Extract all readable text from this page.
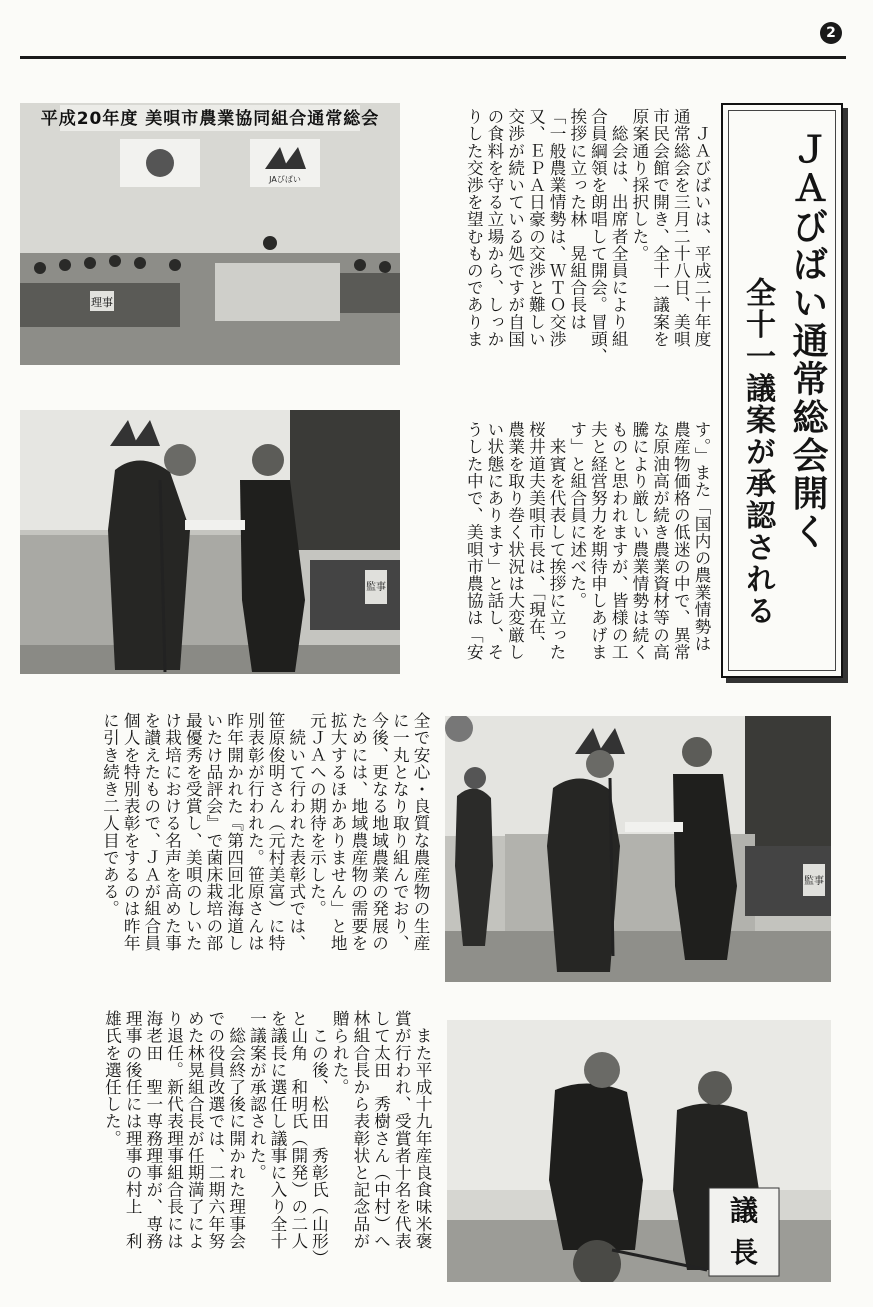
2
ＪＡびばい通常総会開く
全十一議案が承認される
　ＪＡびばいは、平成二十年度
通常総会を三月二十八日、美唄
市民会館で開き、全十一議案を
原案通り採択した。
　総会は、出席者全員により組
合員綱領を朗唱して開会。冒頭、
挨拶に立った林　晃組合長は
「一般農業情勢は、ＷＴＯ交渉
又、ＥＰＡ日豪の交渉と難しい
交渉が続いている処ですが自国
の食料を守る立場から、しっか
りした交渉を望むものでありま
す。」また「国内の農業情勢は
農産物価格の低迷の中で、異常
な原油高が続き農業資材等の高
騰により厳しい農業情勢は続く
ものと思われますが、皆様の工
夫と経営努力を期待申しあげま
す」と組合員に述べた。
　来賓を代表して挨拶に立った
桜井道夫美唄市長は、「現在、
農業を取り巻く状況は大変厳し
い状態にあります」と話し、そ
うした中で、美唄市農協は「安
全で安心・良質な農産物の生産
に一丸となり取り組んでおり、
今後、更なる地域農業の発展の
ためには、地域農産物の需要を
拡大するほかありません」と地
元ＪＡへの期待を示した。
　続いて行われた表彰式では、
笹原俊明さん（元村美富）に特
別表彰が行われた。笹原さんは
昨年開かれた『第四回北海道し
いたけ品評会』で菌床栽培の部
最優秀を受賞し、美唄のしいた
け栽培における名声を高めた事
を讃えたもので、ＪＡが組合員
個人を特別表彰をするのは昨年
に引き続き二人目である。
　また平成十九年産良食味米褒
賞が行われ、受賞者十名を代表
して太田　秀樹さん（中村）へ
林組合長から表彰状と記念品が
贈られた。
　この後、松田　秀彰氏（山形）
と山角　和明氏（開発）の二人
を議長に選任し議事に入り全十
一議案が承認された。
　総会終了後に開かれた理事会
での役員改選では、二期六年努
めた林晃組合長が任期満了によ
り退任。新代表理事組合長には
海老田　聖一専務理事が、専務
理事の後任には理事の村上　利
雄氏を選任した。
平成20年度 美唄市農業協同組合通常総会
JAびばい
理事
監事
監事
議
長
